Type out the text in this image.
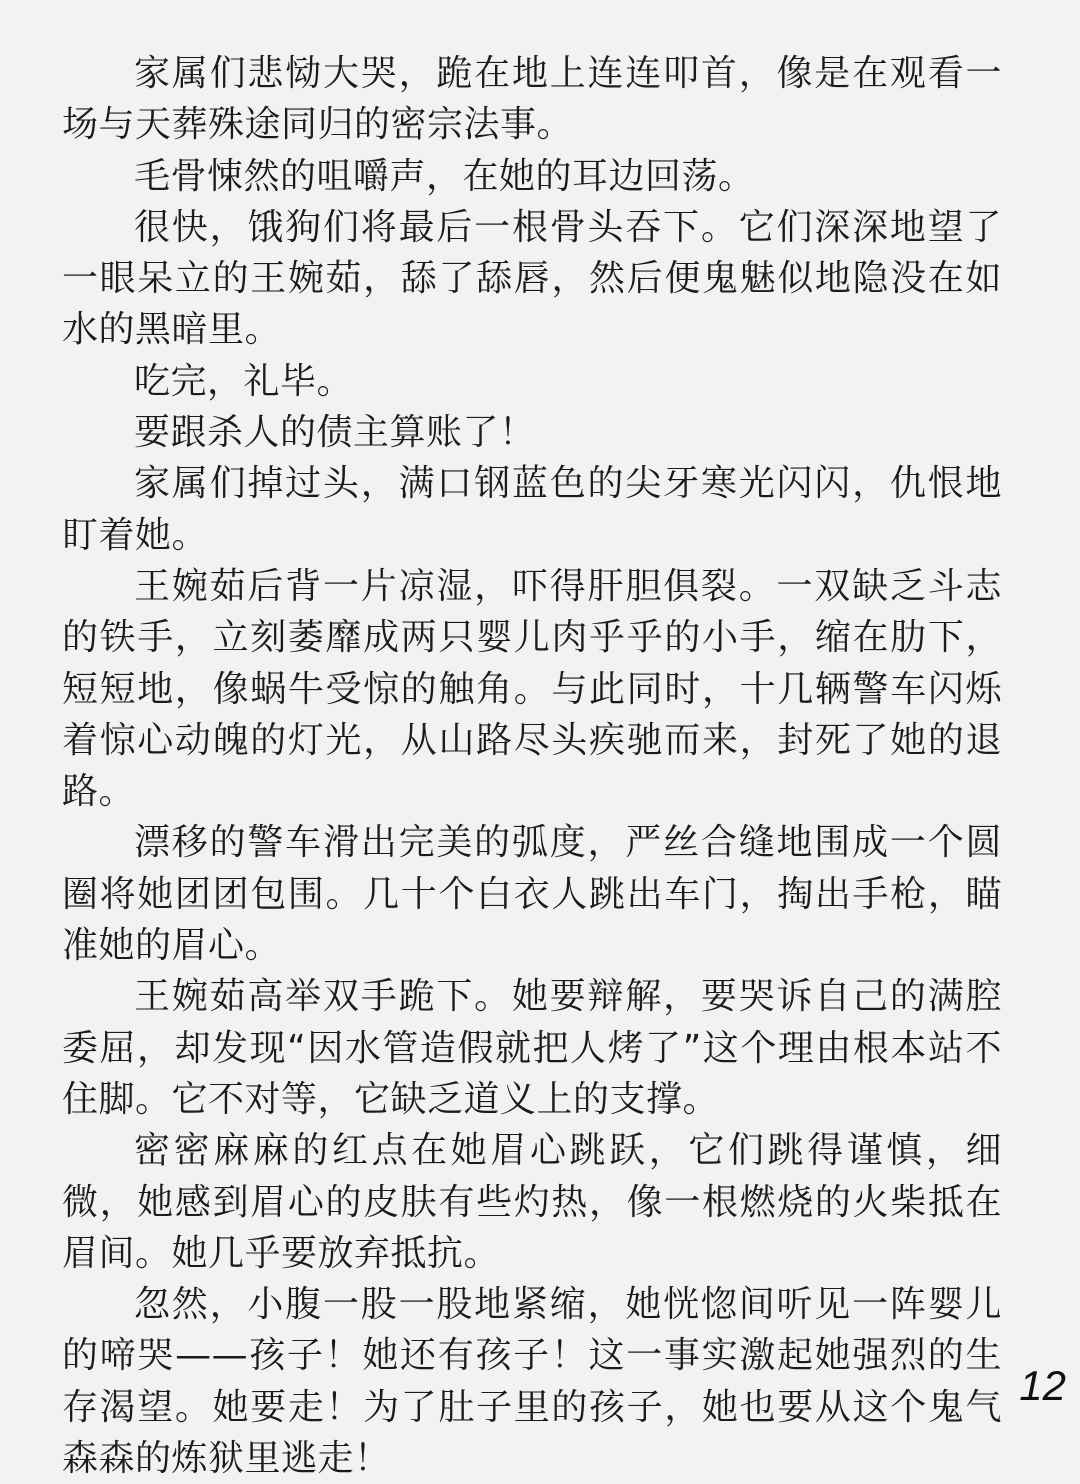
家属们悲恸大哭，跪在地上连连叩首，像是在观看一场与天葬殊途同归的密宗法事。

毛骨悚然的咀嚼声，在她的耳边回荡。

很快，饿狗们将最后一根骨头吞下。它们深深地望了一眼呆立的王婉茹，舔了舔唇，然后便鬼魅似地隐没在如水的黑暗里。

吃完，礼毕。

要跟杀人的债主算账了！

家属们掉过头，满口钢蓝色的尖牙寒光闪闪，仇恨地盯着她。

王婉茹后背一片凉湿，吓得肝胆俱裂。一双缺乏斗志的铁手，立刻萎靡成两只婴儿肉乎乎的小手，缩在肋下，短短地，像蜗牛受惊的触角。与此同时，十几辆警车闪烁着惊心动魄的灯光，从山路尽头疾驰而来，封死了她的退路。

漂移的警车滑出完美的弧度，严丝合缝地围成一个圆圈将她团团包围。几十个白衣人跳出车门，掏出手枪，瞄准她的眉心。

王婉茹高举双手跪下。她要辩解，要哭诉自己的满腔委屈，却发现“因水管造假就把人烤了”这个理由根本站不住脚。它不对等，它缺乏道义上的支撑。

密密麻麻的红点在她眉心跳跃，它们跳得谨慎，细微，她感到眉心的皮肤有些灼热，像一根燃烧的火柴抵在眉间。她几乎要放弃抵抗。

忽然，小腹一股一股地紧缩，她恍惚间听见一阵婴儿的啼哭——孩子！她还有孩子！这一事实激起她强烈的生存渴望。她要走！为了肚子里的孩子，她也要从这个鬼气森森的炼狱里逃走！

12
